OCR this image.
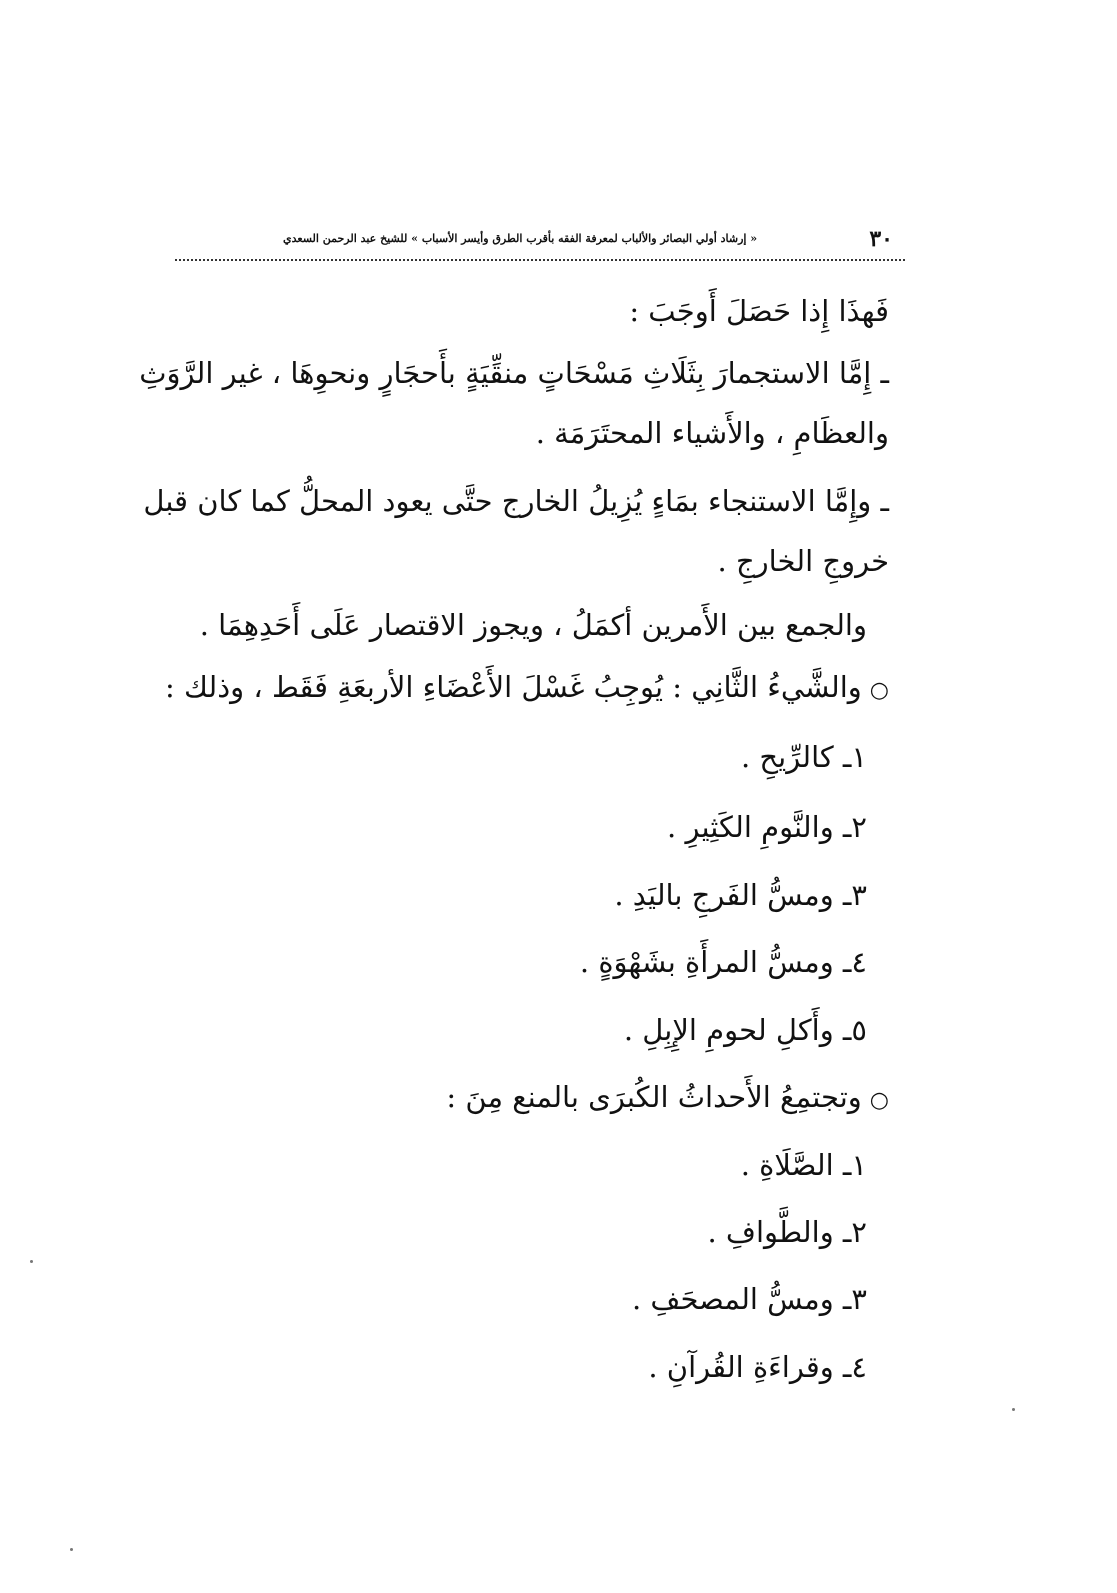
٣٠
« إرشاد أولي البصائر والألباب لمعرفة الفقه بأقرب الطرق وأيسر الأسباب » للشيخ عبد الرحمن السعدي
فَهذَا إِذا حَصَلَ أَوجَبَ :
ـ إِمَّا الاستجمارَ بِثَلَاثِ مَسْحَاتٍ منقِّيَةٍ بأَحجَارٍ ونحوِهَا ، غير الرَّوَثِ
والعظَامِ ، والأَشياء المحتَرَمَة .
ـ وإِمَّا الاستنجاء بمَاءٍ يُزِيلُ الخارج حتَّى يعود المحلُّ كما كان قبل
خروجِ الخارجِ .
والجمع بين الأَمرين أكمَلُ ، ويجوز الاقتصار عَلَى أَحَدِهِمَا .
○والشَّيءُ الثَّانِي : يُوجِبُ غَسْلَ الأَعْضَاءِ الأربعَةِ فَقَط ، وذلك :
١ـ كالرِّيحِ .
٢ـ والنَّومِ الكَثِيرِ .
٣ـ ومسُّ الفَرجِ باليَدِ .
٤ـ ومسُّ المرأَةِ بشَهْوَةٍ .
٥ـ وأَكلِ لحومِ الإِبِلِ .
○وتجتمِعُ الأَحداثُ الكُبرَى بالمنع مِنَ :
١ـ الصَّلَاةِ .
٢ـ والطَّوافِ .
٣ـ ومسُّ المصحَفِ .
٤ـ وقراءَةِ القُرآنِ .
